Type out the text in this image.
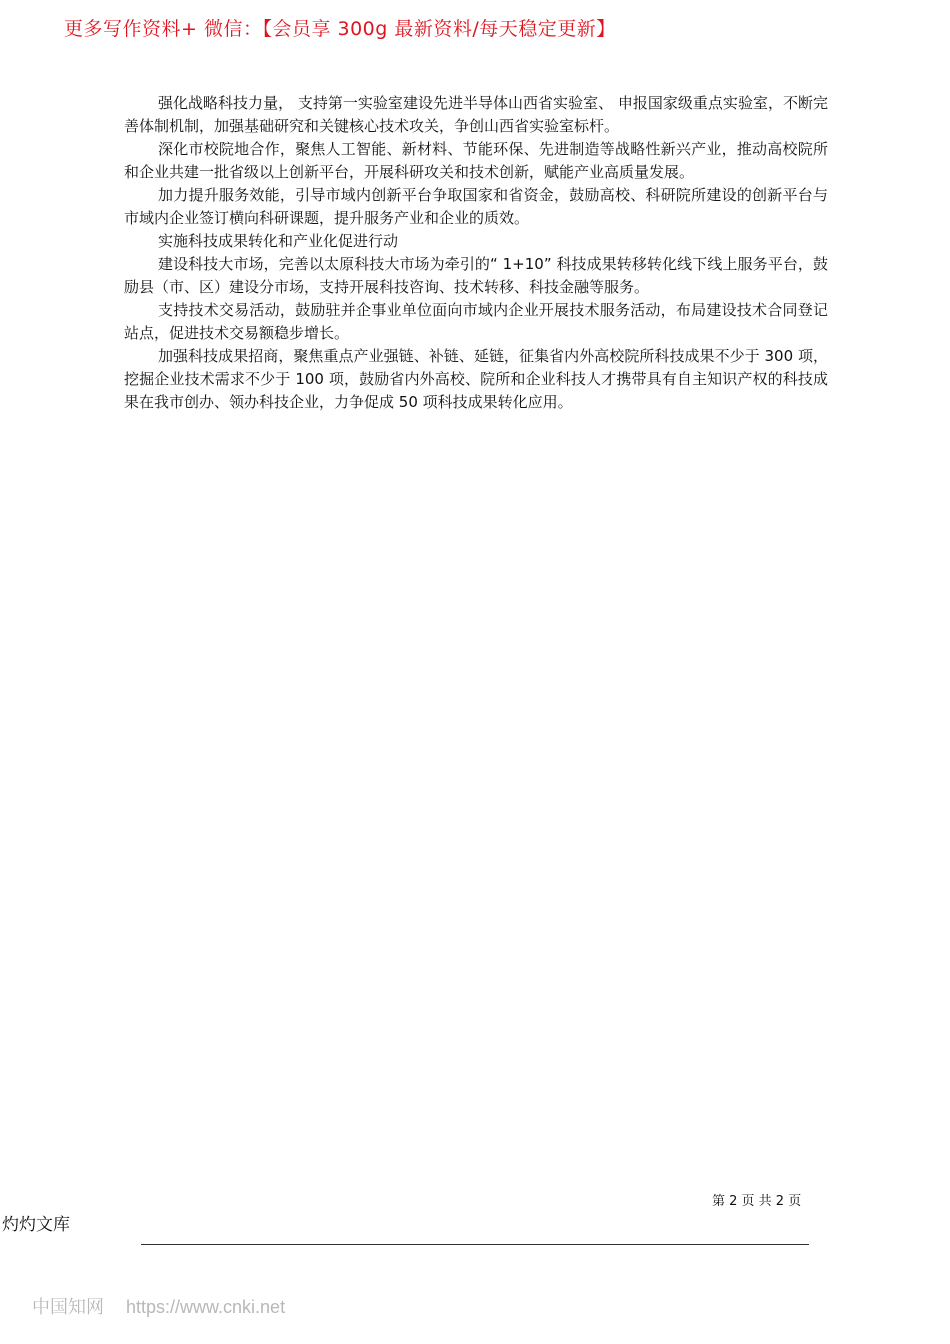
更多写作资料+ 微信：【会员享 300g 最新资料/每天稳定更新】

强化战略科技力量， 支持第一实验室建设先进半导体山西省实验室、 申报国家级重点实验室，不断完善体制机制，加强基础研究和关键核心技术攻关，争创山西省实验室标杆。

深化市校院地合作，聚焦人工智能、新材料、节能环保、先进制造等战略性新兴产业，推动高校院所和企业共建一批省级以上创新平台，开展科研攻关和技术创新，赋能产业高质量发展。

加力提升服务效能，引导市域内创新平台争取国家和省资金，鼓励高校、科研院所建设的创新平台与市域内企业签订横向科研课题，提升服务产业和企业的质效。

实施科技成果转化和产业化促进行动

建设科技大市场，完善以太原科技大市场为牵引的“ 1+10” 科技成果转移转化线下线上服务平台，鼓励县（市、区）建设分市场，支持开展科技咨询、技术转移、科技金融等服务。

支持技术交易活动，鼓励驻并企事业单位面向市域内企业开展技术服务活动，布局建设技术合同登记站点，促进技术交易额稳步增长。

加强科技成果招商，聚焦重点产业强链、补链、延链，征集省内外高校院所科技成果不少于 300 项，挖掘企业技术需求不少于 100 项，鼓励省内外高校、院所和企业科技人才携带具有自主知识产权的科技成果在我市创办、领办科技企业，力争促成 50 项科技成果转化应用。

第 2 页 共 2 页
灼灼文库
中国知网 https://www.cnki.net
